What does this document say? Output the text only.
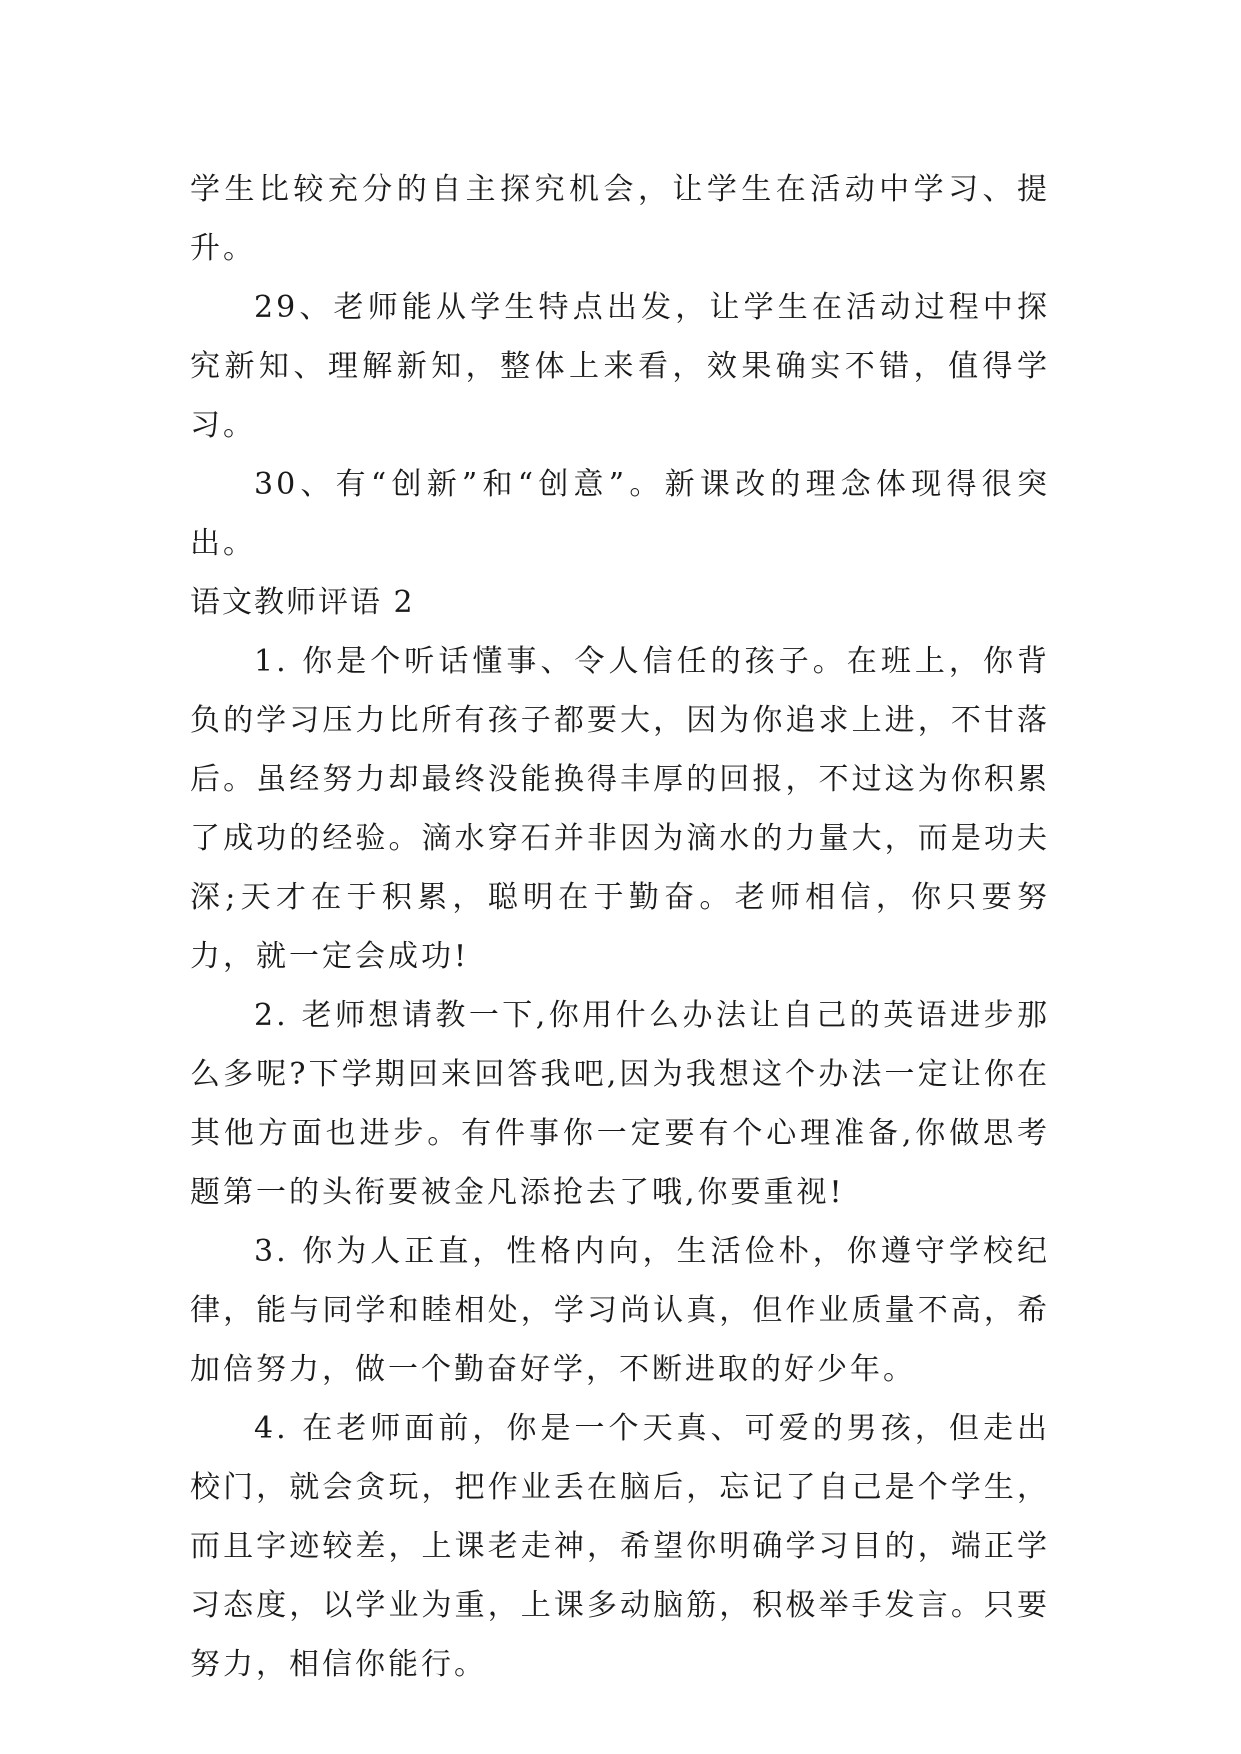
学生比较充分的自主探究机会，让学生在活动中学习、提升。

29、老师能从学生特点出发，让学生在活动过程中探究新知、理解新知，整体上来看，效果确实不错，值得学习。

30、有“创新”和“创意”。新课改的理念体现得很突出。

语文教师评语 2

1. 你是个听话懂事、令人信任的孩子。在班上，你背负的学习压力比所有孩子都要大，因为你追求上进，不甘落后。虽经努力却最终没能换得丰厚的回报，不过这为你积累了成功的经验。滴水穿石并非因为滴水的力量大，而是功夫深;天才在于积累，聪明在于勤奋。老师相信，你只要努力，就一定会成功!

2. 老师想请教一下,你用什么办法让自己的英语进步那么多呢?下学期回来回答我吧,因为我想这个办法一定让你在其他方面也进步。有件事你一定要有个心理准备,你做思考题第一的头衔要被金凡添抢去了哦,你要重视!

3. 你为人正直，性格内向，生活俭朴，你遵守学校纪律，能与同学和睦相处，学习尚认真，但作业质量不高，希加倍努力，做一个勤奋好学，不断进取的好少年。

4. 在老师面前，你是一个天真、可爱的男孩，但走出校门，就会贪玩，把作业丢在脑后，忘记了自己是个学生，而且字迹较差，上课老走神，希望你明确学习目的，端正学习态度，以学业为重，上课多动脑筋，积极举手发言。只要努力，相信你能行。
